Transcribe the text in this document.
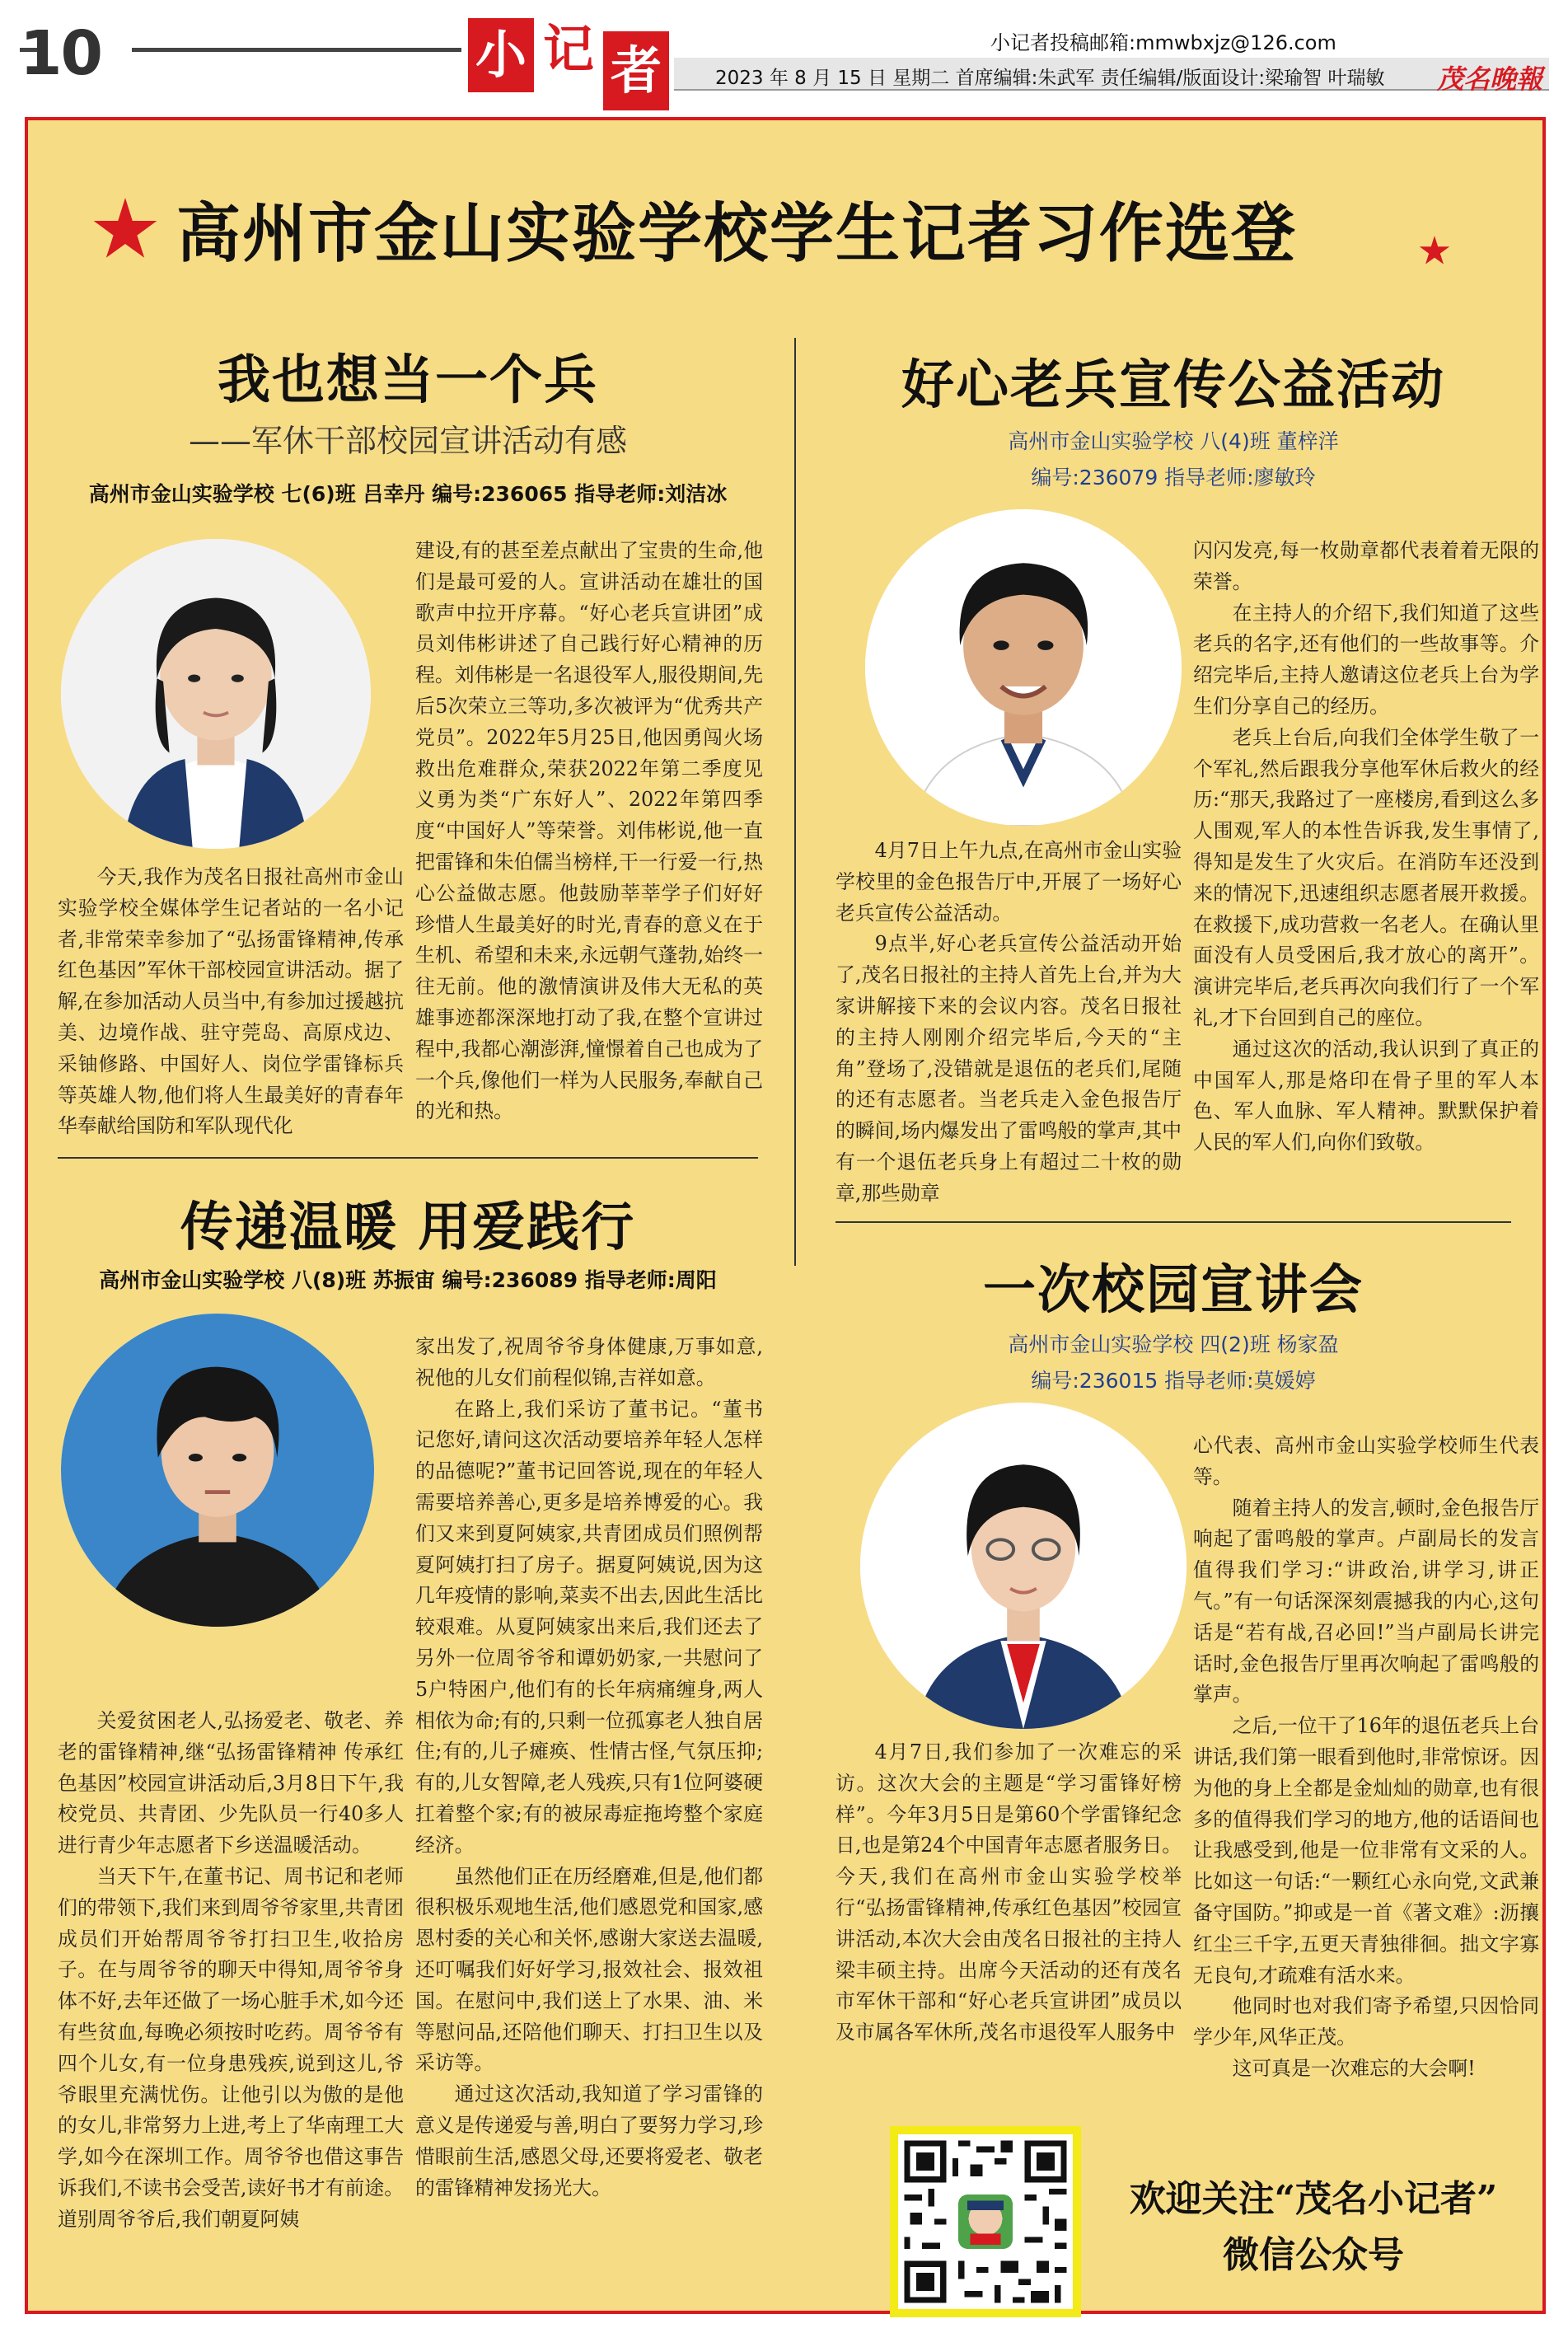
10	小 记 者	小记者投稿邮箱:mmwbxjz@126.com
2023 年 8 月 15 日 星期二 首席编辑:朱武军 责任编辑/版面设计:梁瑜智 叶瑞敏 茂名晚報
高州市金山实验学校学生记者习作选登
我也想当一个兵
——军休干部校园宣讲活动有感
高州市金山实验学校 七(6)班 吕幸丹 编号:236065 指导老师:刘洁冰

今天,我作为茂名日报社高州市金山实验学校全媒体学生记者站的一名小记者,非常荣幸参加了“弘扬雷锋精神,传承红色基因”军休干部校园宣讲活动。据了解,在参加活动人员当中,有参加过援越抗美、边境作战、驻守莞岛、高原戍边、采铀修路、中国好人、岗位学雷锋标兵等英雄人物,他们将人生最美好的青春年华奉献给国防和军队现代化

建设,有的甚至差点献出了宝贵的生命,他们是最可爱的人。宣讲活动在雄壮的国歌声中拉开序幕。“好心老兵宣讲团”成员刘伟彬讲述了自己践行好心精神的历程。刘伟彬是一名退役军人,服役期间,先后5次荣立三等功,多次被评为“优秀共产党员”。2022年5月25日,他因勇闯火场救出危难群众,荣获2022年第二季度见义勇为类“广东好人”、2022年第四季度“中国好人”等荣誉。刘伟彬说,他一直把雷锋和朱伯儒当榜样,干一行爱一行,热心公益做志愿。他鼓励莘莘学子们好好珍惜人生最美好的时光,青春的意义在于生机、希望和未来,永远朝气蓬勃,始终一往无前。他的激情演讲及伟大无私的英雄事迹都深深地打动了我,在整个宣讲过程中,我都心潮澎湃,憧憬着自己也成为了一个兵,像他们一样为人民服务,奉献自己的光和热。

好心老兵宣传公益活动
高州市金山实验学校 八(4)班 董梓洋
编号:236079 指导老师:廖敏玲

4月7日上午九点,在高州市金山实验学校里的金色报告厅中,开展了一场好心老兵宣传公益活动。

9点半,好心老兵宣传公益活动开始了,茂名日报社的主持人首先上台,并为大家讲解接下来的会议内容。茂名日报社的主持人刚刚介绍完毕后,今天的“主角”登场了,没错就是退伍的老兵们,尾随的还有志愿者。当老兵走入金色报告厅的瞬间,场内爆发出了雷鸣般的掌声,其中有一个退伍老兵身上有超过二十枚的勋章,那些勋章

闪闪发亮,每一枚勋章都代表着着无限的荣誉。

在主持人的介绍下,我们知道了这些老兵的名字,还有他们的一些故事等。介绍完毕后,主持人邀请这位老兵上台为学生们分享自己的经历。

老兵上台后,向我们全体学生敬了一个军礼,然后跟我分享他军休后救火的经历:“那天,我路过了一座楼房,看到这么多人围观,军人的本性告诉我,发生事情了,得知是发生了火灾后。在消防车还没到来的情况下,迅速组织志愿者展开救援。在救援下,成功营救一名老人。在确认里面没有人员受困后,我才放心的离开”。演讲完毕后,老兵再次向我们行了一个军礼,才下台回到自己的座位。

通过这次的活动,我认识到了真正的中国军人,那是烙印在骨子里的军人本色、军人血脉、军人精神。默默保护着人民的军人们,向你们致敬。

传递温暖 用爱践行
高州市金山实验学校 八(8)班 苏振宙 编号:236089 指导老师:周阳

关爱贫困老人,弘扬爱老、敬老、养老的雷锋精神,继“弘扬雷锋精神 传承红色基因”校园宣讲活动后,3月8日下午,我校党员、共青团、少先队员一行40多人进行青少年志愿者下乡送温暖活动。

当天下午,在董书记、周书记和老师们的带领下,我们来到周爷爷家里,共青团成员们开始帮周爷爷打扫卫生,收拾房子。在与周爷爷的聊天中得知,周爷爷身体不好,去年还做了一场心脏手术,如今还有些贫血,每晚必须按时吃药。周爷爷有四个儿女,有一位身患残疾,说到这儿,爷爷眼里充满忧伤。让他引以为傲的是他的女儿,非常努力上进,考上了华南理工大学,如今在深圳工作。周爷爷也借这事告诉我们,不读书会受苦,读好书才有前途。道别周爷爷后,我们朝夏阿姨

家出发了,祝周爷爷身体健康,万事如意,祝他的儿女们前程似锦,吉祥如意。

在路上,我们采访了董书记。“董书记您好,请问这次活动要培养年轻人怎样的品德呢?”董书记回答说,现在的年轻人需要培养善心,更多是培养博爱的心。我们又来到夏阿姨家,共青团成员们照例帮夏阿姨打扫了房子。据夏阿姨说,因为这几年疫情的影响,菜卖不出去,因此生活比较艰难。从夏阿姨家出来后,我们还去了另外一位周爷爷和谭奶奶家,一共慰问了5户特困户,他们有的长年病痛缠身,两人相依为命;有的,只剩一位孤寡老人独自居住;有的,儿子瘫痪、性情古怪,气氛压抑;有的,儿女智障,老人残疾,只有1位阿婆硬扛着整个家;有的被尿毒症拖垮整个家庭经济。

虽然他们正在历经磨难,但是,他们都很积极乐观地生活,他们感恩党和国家,感恩村委的关心和关怀,感谢大家送去温暖,还叮嘱我们好好学习,报效社会、报效祖国。在慰问中,我们送上了水果、油、米等慰问品,还陪他们聊天、打扫卫生以及采访等。

通过这次活动,我知道了学习雷锋的意义是传递爱与善,明白了要努力学习,珍惜眼前生活,感恩父母,还要将爱老、敬老的雷锋精神发扬光大。

一次校园宣讲会
高州市金山实验学校 四(2)班 杨家盈
编号:236015 指导老师:莫媛婷

4月7日,我们参加了一次难忘的采访。这次大会的主题是“学习雷锋好榜样”。今年3月5日是第60个学雷锋纪念日,也是第24个中国青年志愿者服务日。今天,我们在高州市金山实验学校举行“弘扬雷锋精神,传承红色基因”校园宣讲活动,本次大会由茂名日报社的主持人梁丰硕主持。出席今天活动的还有茂名市军休干部和“好心老兵宣讲团”成员以及市属各军休所,茂名市退役军人服务中

心代表、高州市金山实验学校师生代表等。

随着主持人的发言,顿时,金色报告厅响起了雷鸣般的掌声。卢副局长的发言值得我们学习:“讲政治,讲学习,讲正气。”有一句话深深刻震撼我的内心,这句话是“若有战,召必回!”当卢副局长讲完话时,金色报告厅里再次响起了雷鸣般的掌声。

之后,一位干了16年的退伍老兵上台讲话,我们第一眼看到他时,非常惊讶。因为他的身上全都是金灿灿的勋章,也有很多的值得我们学习的地方,他的话语间也让我感受到,他是一位非常有文采的人。比如这一句话:“一颗红心永向党,文武兼备守国防。”抑或是一首《著文难》:沥攘红尘三千字,五更天青独徘徊。拙文字寡无良句,才疏难有活水来。

他同时也对我们寄予希望,只因恰同学少年,风华正茂。

这可真是一次难忘的大会啊!

欢迎关注“茂名小记者”
微信公众号
